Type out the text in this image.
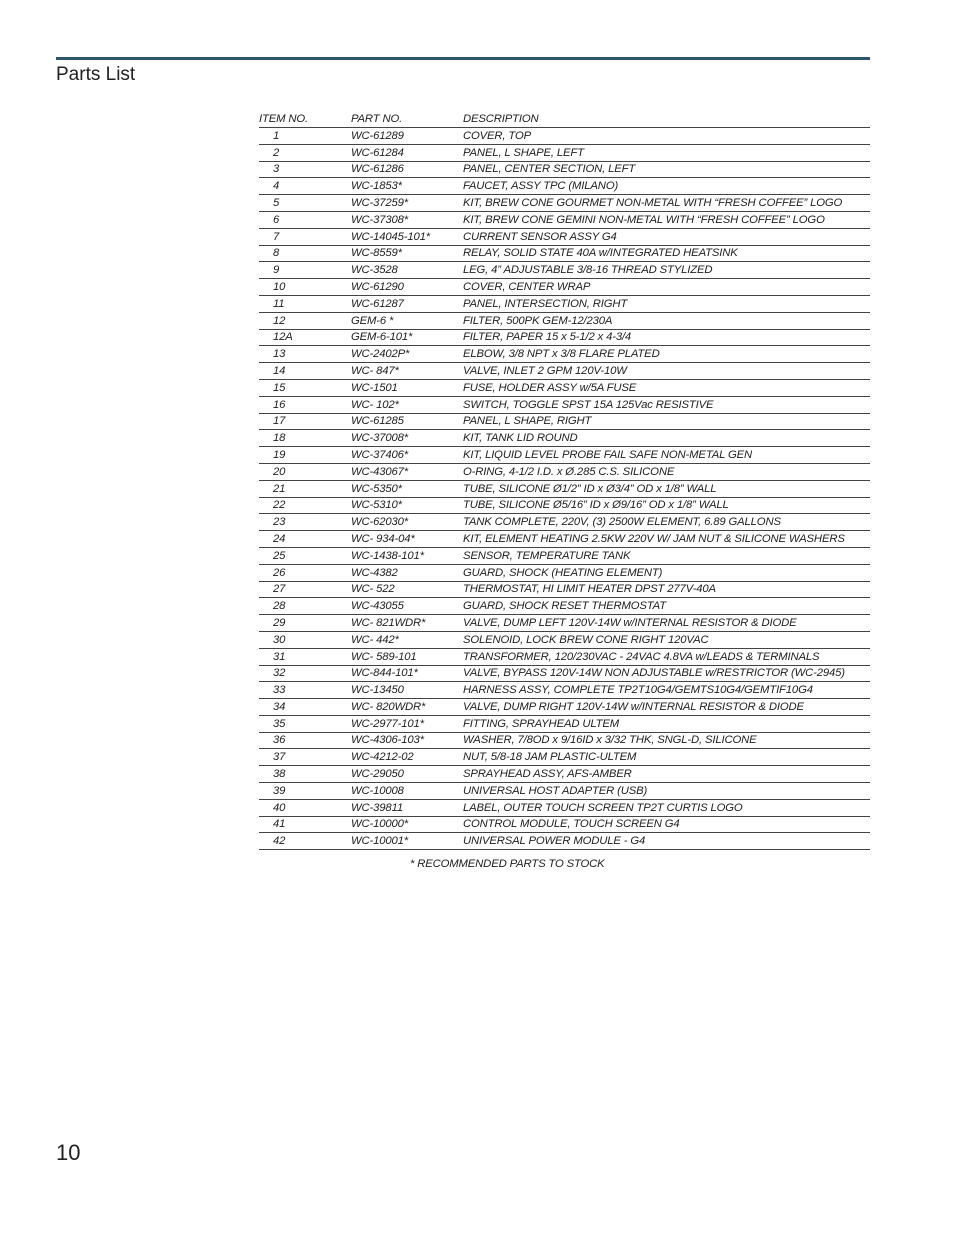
Parts List
ITEM NO.	PART NO.	DESCRIPTION
1	WC-61289	COVER, TOP
2	WC-61284	PANEL, L SHAPE, LEFT
3	WC-61286	PANEL, CENTER SECTION, LEFT
4	WC-1853*	FAUCET, ASSY TPC (MILANO)
5	WC-37259*	KIT, BREW CONE GOURMET NON-METAL WITH “FRESH COFFEE” LOGO
6	WC-37308*	KIT, BREW CONE GEMINI NON-METAL WITH “FRESH COFFEE” LOGO
7	WC-14045-101*	CURRENT SENSOR ASSY G4
8	WC-8559*	RELAY, SOLID STATE 40A w/INTEGRATED HEATSINK
9	WC-3528	LEG, 4” ADJUSTABLE 3/8-16 THREAD STYLIZED
10	WC-61290	COVER, CENTER WRAP
11	WC-61287	PANEL, INTERSECTION, RIGHT
12	GEM-6 *	FILTER, 500PK GEM-12/230A
12A	GEM-6-101*	FILTER, PAPER 15 x 5-1/2 x 4-3/4
13	WC-2402P*	ELBOW, 3/8 NPT x 3/8 FLARE PLATED
14	WC- 847*	VALVE, INLET 2 GPM 120V-10W
15	WC-1501	FUSE, HOLDER ASSY w/5A FUSE
16	WC- 102*	SWITCH, TOGGLE SPST 15A 125Vac RESISTIVE
17	WC-61285	PANEL, L SHAPE, RIGHT
18	WC-37008*	KIT, TANK LID ROUND
19	WC-37406*	KIT, LIQUID LEVEL PROBE FAIL SAFE NON-METAL GEN
20	WC-43067*	O-RING, 4-1/2 I.D. x Ø.285 C.S. SILICONE
21	WC-5350*	TUBE, SILICONE Ø1/2” ID x Ø3/4” OD x 1/8” WALL
22	WC-5310*	TUBE, SILICONE Ø5/16” ID x Ø9/16” OD x 1/8” WALL
23	WC-62030*	TANK COMPLETE, 220V, (3) 2500W ELEMENT, 6.89 GALLONS
24	WC- 934-04*	KIT, ELEMENT HEATING 2.5KW 220V W/ JAM NUT & SILICONE WASHERS
25	WC-1438-101*	SENSOR, TEMPERATURE TANK
26	WC-4382	GUARD, SHOCK (HEATING ELEMENT)
27	WC- 522	THERMOSTAT, HI LIMIT HEATER DPST 277V-40A
28	WC-43055	GUARD, SHOCK RESET THERMOSTAT
29	WC- 821WDR*	VALVE, DUMP LEFT 120V-14W w/INTERNAL RESISTOR & DIODE
30	WC- 442*	SOLENOID, LOCK BREW CONE RIGHT 120VAC
31	WC- 589-101	TRANSFORMER, 120/230VAC - 24VAC 4.8VA w/LEADS & TERMINALS
32	WC-844-101*	VALVE, BYPASS 120V-14W NON ADJUSTABLE w/RESTRICTOR (WC-2945)
33	WC-13450	HARNESS ASSY, COMPLETE TP2T10G4/GEMTS10G4/GEMTIF10G4
34	WC- 820WDR*	VALVE, DUMP RIGHT 120V-14W w/INTERNAL RESISTOR & DIODE
35	WC-2977-101*	FITTING, SPRAYHEAD ULTEM
36	WC-4306-103*	WASHER, 7/8OD x 9/16ID x 3/32 THK, SNGL-D, SILICONE
37	WC-4212-02	NUT, 5/8-18 JAM PLASTIC-ULTEM
38	WC-29050	SPRAYHEAD ASSY, AFS-AMBER
39	WC-10008	UNIVERSAL HOST ADAPTER (USB)
40	WC-39811	LABEL, OUTER TOUCH SCREEN TP2T CURTIS LOGO
41	WC-10000*	CONTROL MODULE, TOUCH SCREEN G4
42	WC-10001*	UNIVERSAL POWER MODULE - G4
* RECOMMENDED PARTS TO STOCK
10
